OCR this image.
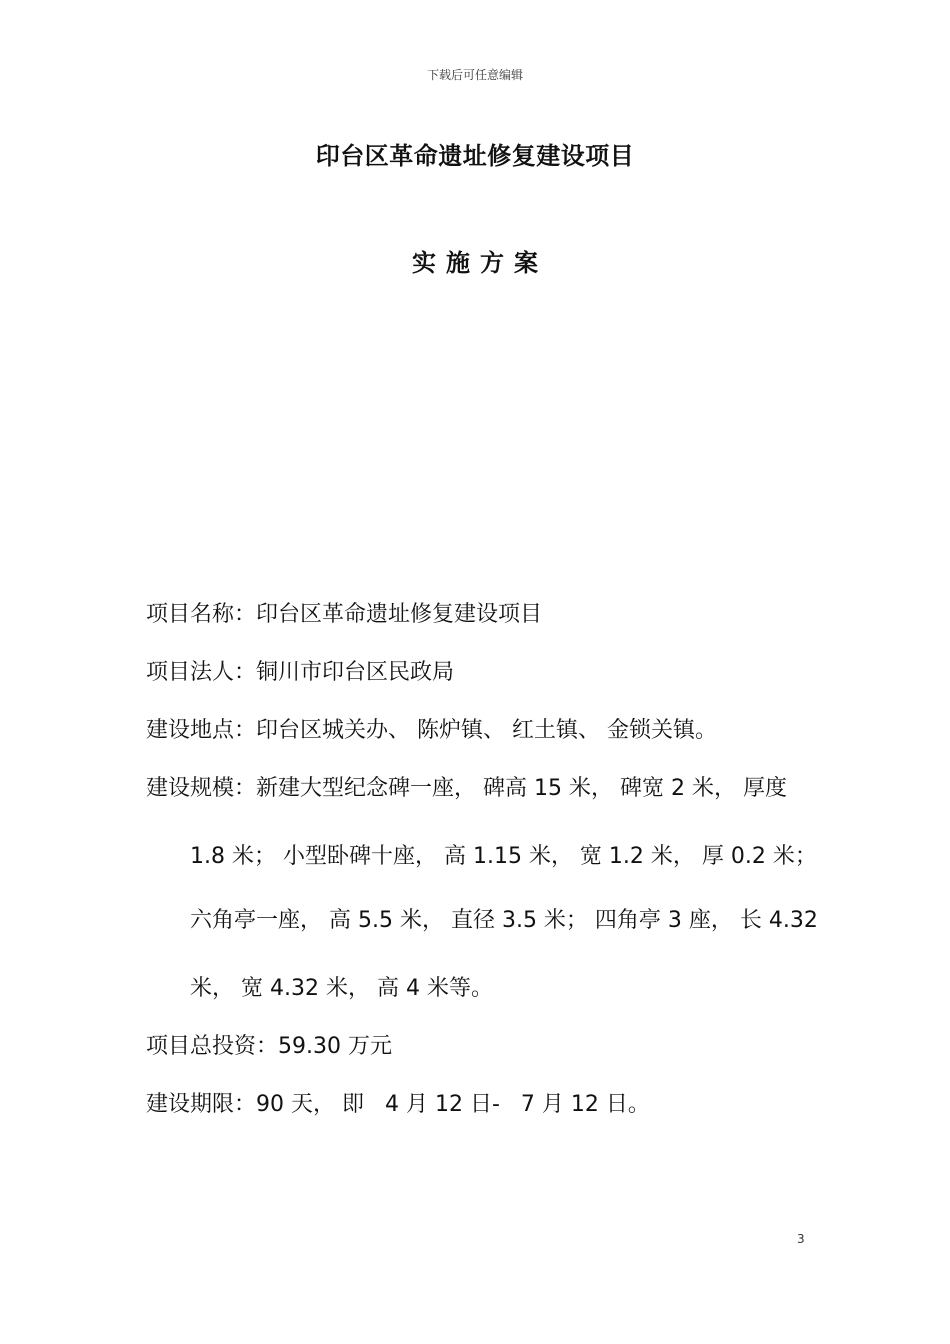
下载后可任意编辑
印台区革命遗址修复建设项目
实施方案
项目名称：印台区革命遗址修复建设项目
项目法人：铜川市印台区民政局
建设地点：印台区城关办、 陈炉镇、 红土镇、 金锁关镇。
建设规模：新建大型纪念碑一座， 碑高 15 米， 碑宽 2 米， 厚度
1.8 米； 小型卧碑十座， 高 1.15 米， 宽 1.2 米， 厚 0.2 米；
六角亭一座， 高 5.5 米， 直径 3.5 米； 四角亭 3 座， 长 4.32
米， 宽 4.32 米， 高 4 米等。
项目总投资：59.30 万元
建设期限：90 天， 即   4 月 12 日-   7 月 12 日。
3
